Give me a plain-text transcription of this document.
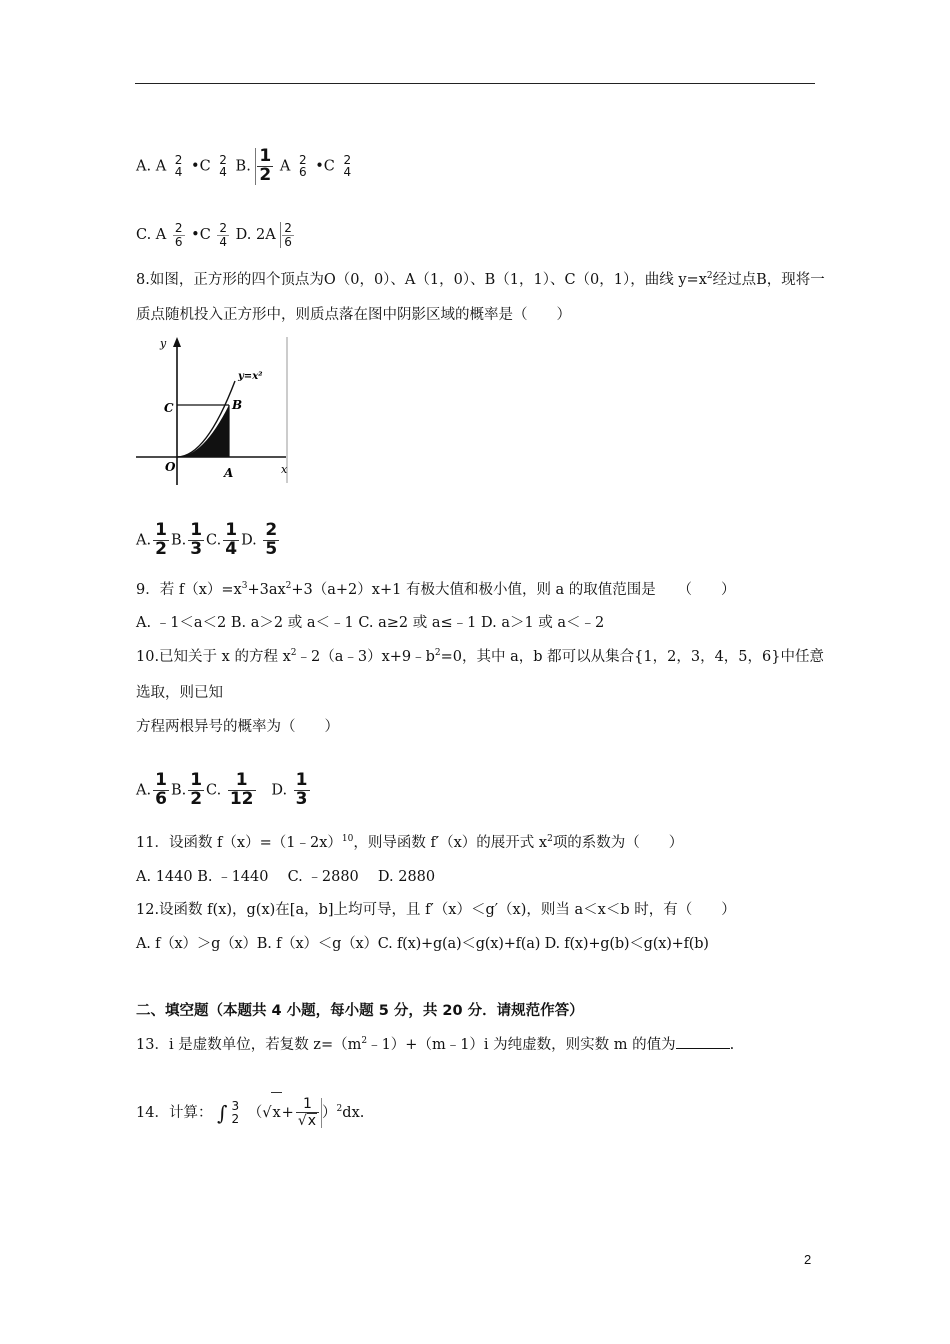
A. A 2
4 •C 2
4 B. $\frac{1}{2}$ A 2
6 •C 2
4
C. A $\frac{2}{6}$ •C $\frac{2}{4} D$. $2A \frac{2}{6}$
8.如图，正方形的四个顶点为O（0，0）、A（1，0）、B（1，1）、C（0，1），曲线 $y=x^2$经过点B，现将一
质点随机投入正方形中，则质点落在图中阴影区域的概率是（　　）
y
x
y=x²
O	A
B
C
A. $\frac{1}{2} B$. $\frac{1}{3} C$. $\frac{1}{4} D$. $\frac{2}{5}$
9．若 $f(x)=x^3+3ax^2+3(a+2)x+1$ 有极大值和极小值，则 a 的取值范围是　　（　　）
A. ﹣1＜a＜2 B. a＞2 或 a＜﹣1 C. a≥2 或 a≤﹣1 D. a＞1 或 a＜﹣2
10.已知关于 x 的方程 $x^2﹣2(a﹣3)x+9﹣b^2=0$，其中 a，b 都可以从集合{1，2，3，4，5，6}中任意
选取，则已知
方程两根异号的概率为（　　）
A. $\frac{1}{6} B$. $\frac{1}{2} C$. $\frac{1}{12} D$. $\frac{1}{3}$
11．设函数 f（x）=（1﹣2x）$^{10}$，则导函数 f′（x）的展开式 $x^2$项的系数为（　　）
A. 1440 B. ﹣1440　 C. ﹣2880　 D. 2880
12.设函数 f(x)，g(x)在[a，b]上均可导，且 f′（x）＜g′（x)，则当 a＜x＜b 时，有（　　）
A. f（x）＞g（x）B. f（x）＜g（x）C. f(x)+g(a)＜g(x)+f(a) D. f(x)+g(b)＜g(x)+f(b)
二、填空题（本题共 4 小题，每小题 5 分，共 20 分．请规范作答）
13．i 是虚数单位，若复数 $z=(m^2﹣1)+(m﹣1)i$ 为纯虚数，则实数 m 的值为	.
14．计算： ∫ 3
2 $(√x+ \frac{1}{√x} )^2dx$.
2
